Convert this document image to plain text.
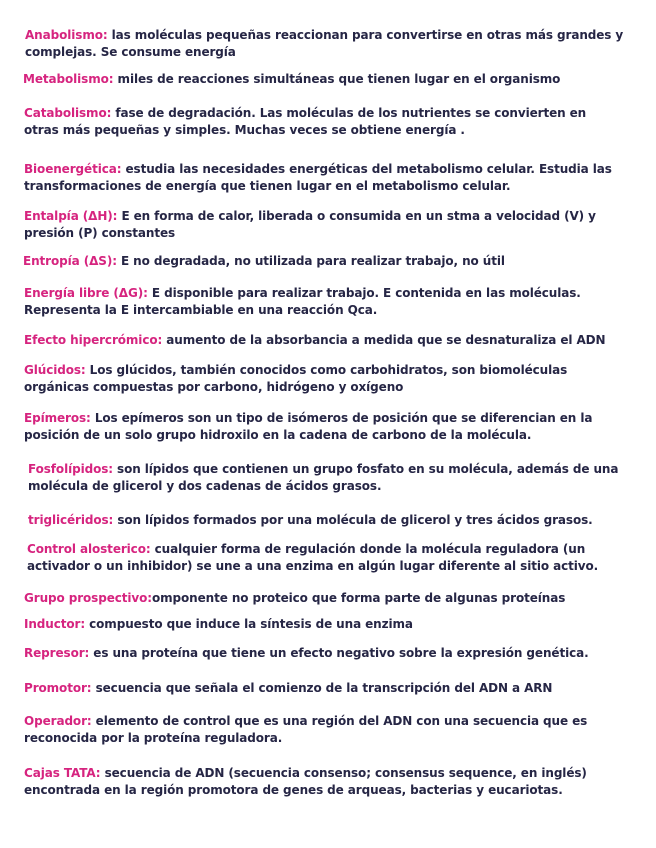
Anabolismo: las moléculas pequeñas reaccionan para convertirse en otras más grandes y complejas. Se consume energía
Metabolismo: miles de reacciones simultáneas que tienen lugar en el organismo
Catabolismo: fase de degradación. Las moléculas de los nutrientes se convierten en otras más pequeñas y simples. Muchas veces se obtiene energía .
Bioenergética: estudia las necesidades energéticas del metabolismo celular. Estudia las transformaciones de energía que tienen lugar en el metabolismo celular.
Entalpía (ΔH): E en forma de calor, liberada o consumida en un stma a velocidad (V) y presión (P) constantes
Entropía (ΔS): E no degradada, no utilizada para realizar trabajo, no útil
Energía libre (ΔG): E disponible para realizar trabajo. E contenida en las moléculas. Representa la E intercambiable en una reacción Qca.
Efecto hipercrómico: aumento de la absorbancia a medida que se desnaturaliza el ADN
Glúcidos: Los glúcidos, también conocidos como carbohidratos, son biomoléculas orgánicas compuestas por carbono, hidrógeno y oxígeno
Epímeros: Los epímeros son un tipo de isómeros de posición que se diferencian en la posición de un solo grupo hidroxilo en la cadena de carbono de la molécula.
Fosfolípidos: son lípidos que contienen un grupo fosfato en su molécula, además de una molécula de glicerol y dos cadenas de ácidos grasos.
triglicéridos: son lípidos formados por una molécula de glicerol y tres ácidos grasos.
Control alosterico: cualquier forma de regulación donde la molécula reguladora (un activador o un inhibidor) se une a una enzima en algún lugar diferente al sitio activo.
Grupo prospectivo:omponente no proteico que forma parte de algunas proteínas
Inductor: compuesto que induce la síntesis de una enzima
Represor: es una proteína que tiene un efecto negativo sobre la expresión genética.
Promotor: secuencia que señala el comienzo de la transcripción del ADN a ARN
Operador: elemento de control que es una región del ADN con una secuencia que es reconocida por la proteína reguladora.
Cajas TATA: secuencia de ADN (secuencia consenso; consensus sequence, en inglés) encontrada en la región promotora de genes de arqueas, bacterias y eucariotas.
